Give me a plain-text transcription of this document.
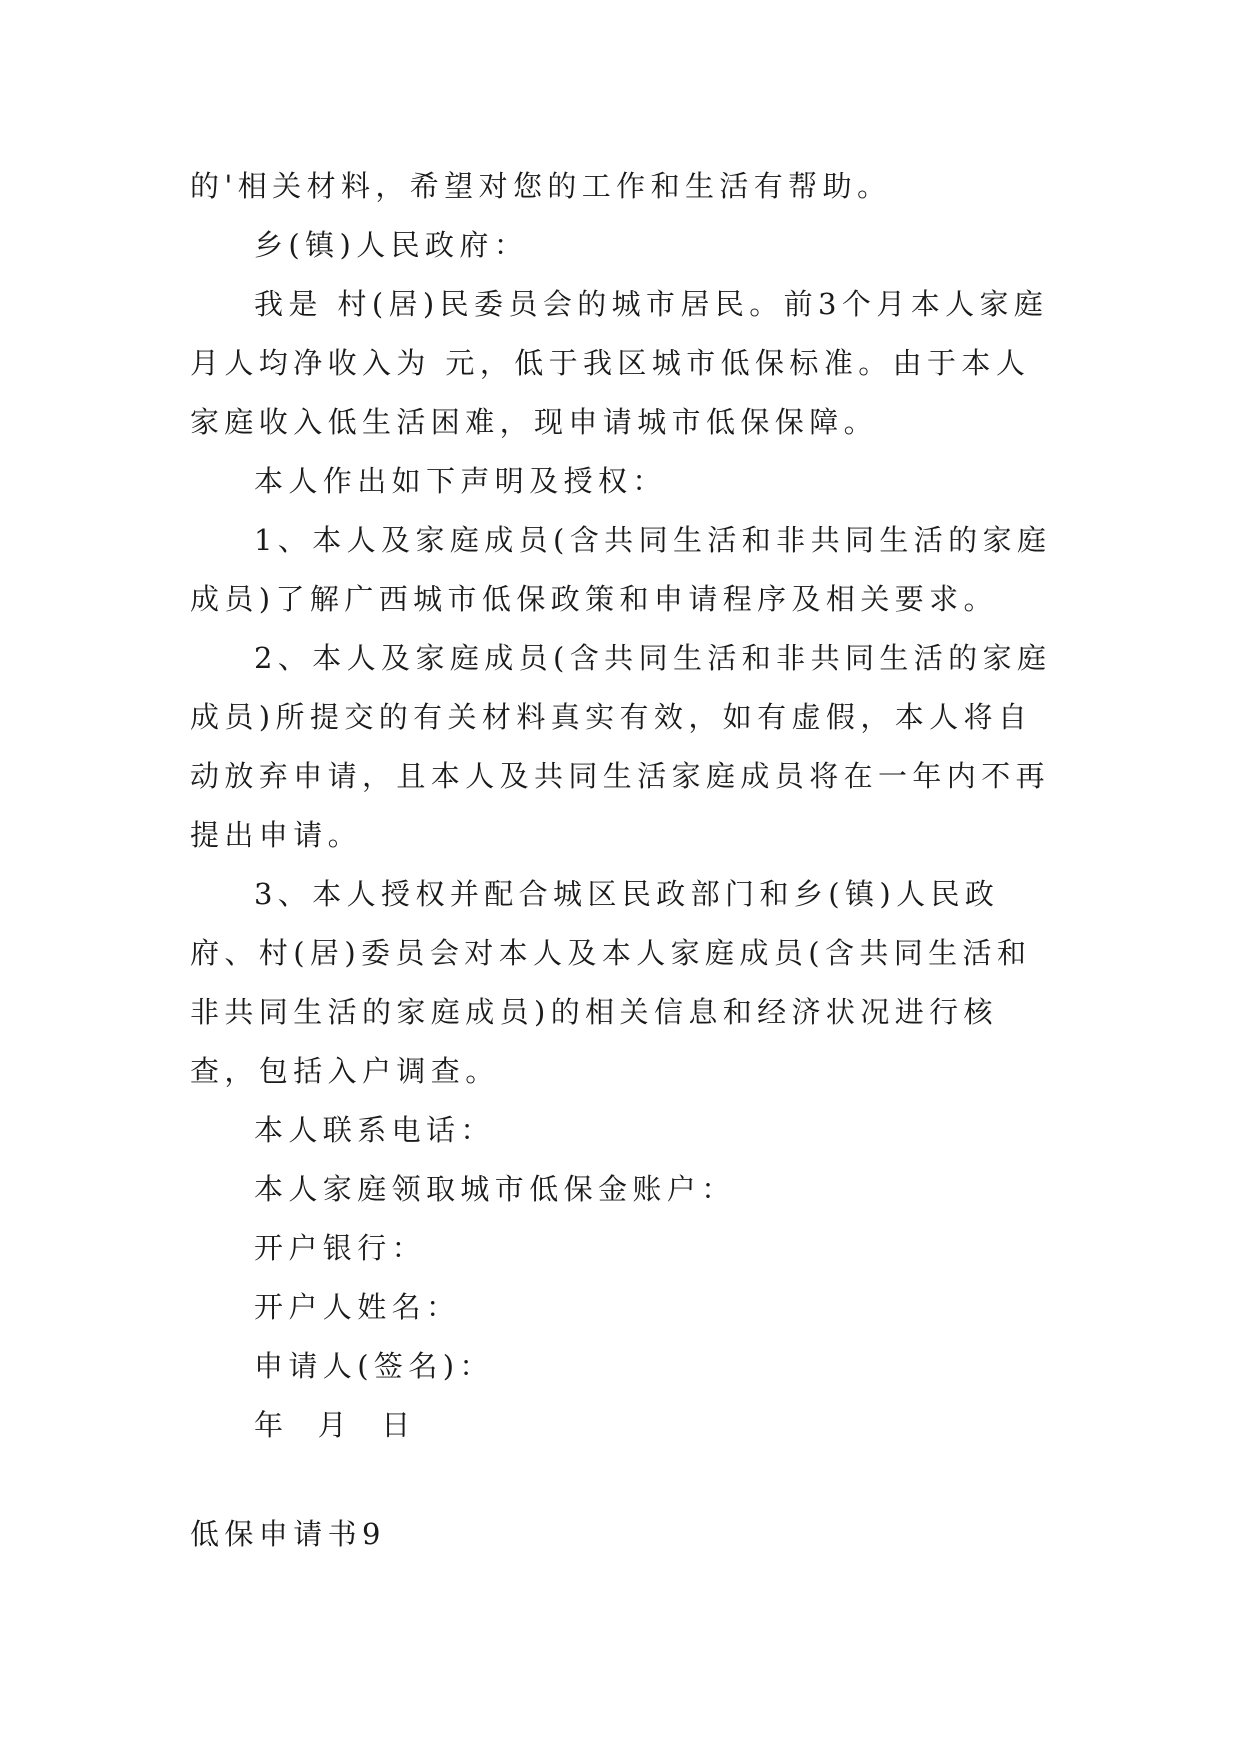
的'相关材料，希望对您的工作和生活有帮助。

乡(镇)人民政府：

我是 村(居)民委员会的城市居民。前3个月本人家庭月人均净收入为 元，低于我区城市低保标准。由于本人家庭收入低生活困难，现申请城市低保保障。

本人作出如下声明及授权：

1、本人及家庭成员(含共同生活和非共同生活的家庭成员)了解广西城市低保政策和申请程序及相关要求。

2、本人及家庭成员(含共同生活和非共同生活的家庭成员)所提交的有关材料真实有效，如有虚假，本人将自动放弃申请，且本人及共同生活家庭成员将在一年内不再提出申请。

3、本人授权并配合城区民政部门和乡(镇)人民政府、村(居)委员会对本人及本人家庭成员(含共同生活和非共同生活的家庭成员)的相关信息和经济状况进行核查，包括入户调查。

本人联系电话：

本人家庭领取城市低保金账户：

开户银行：

开户人姓名：

申请人(签名)：

年  月  日

低保申请书9
